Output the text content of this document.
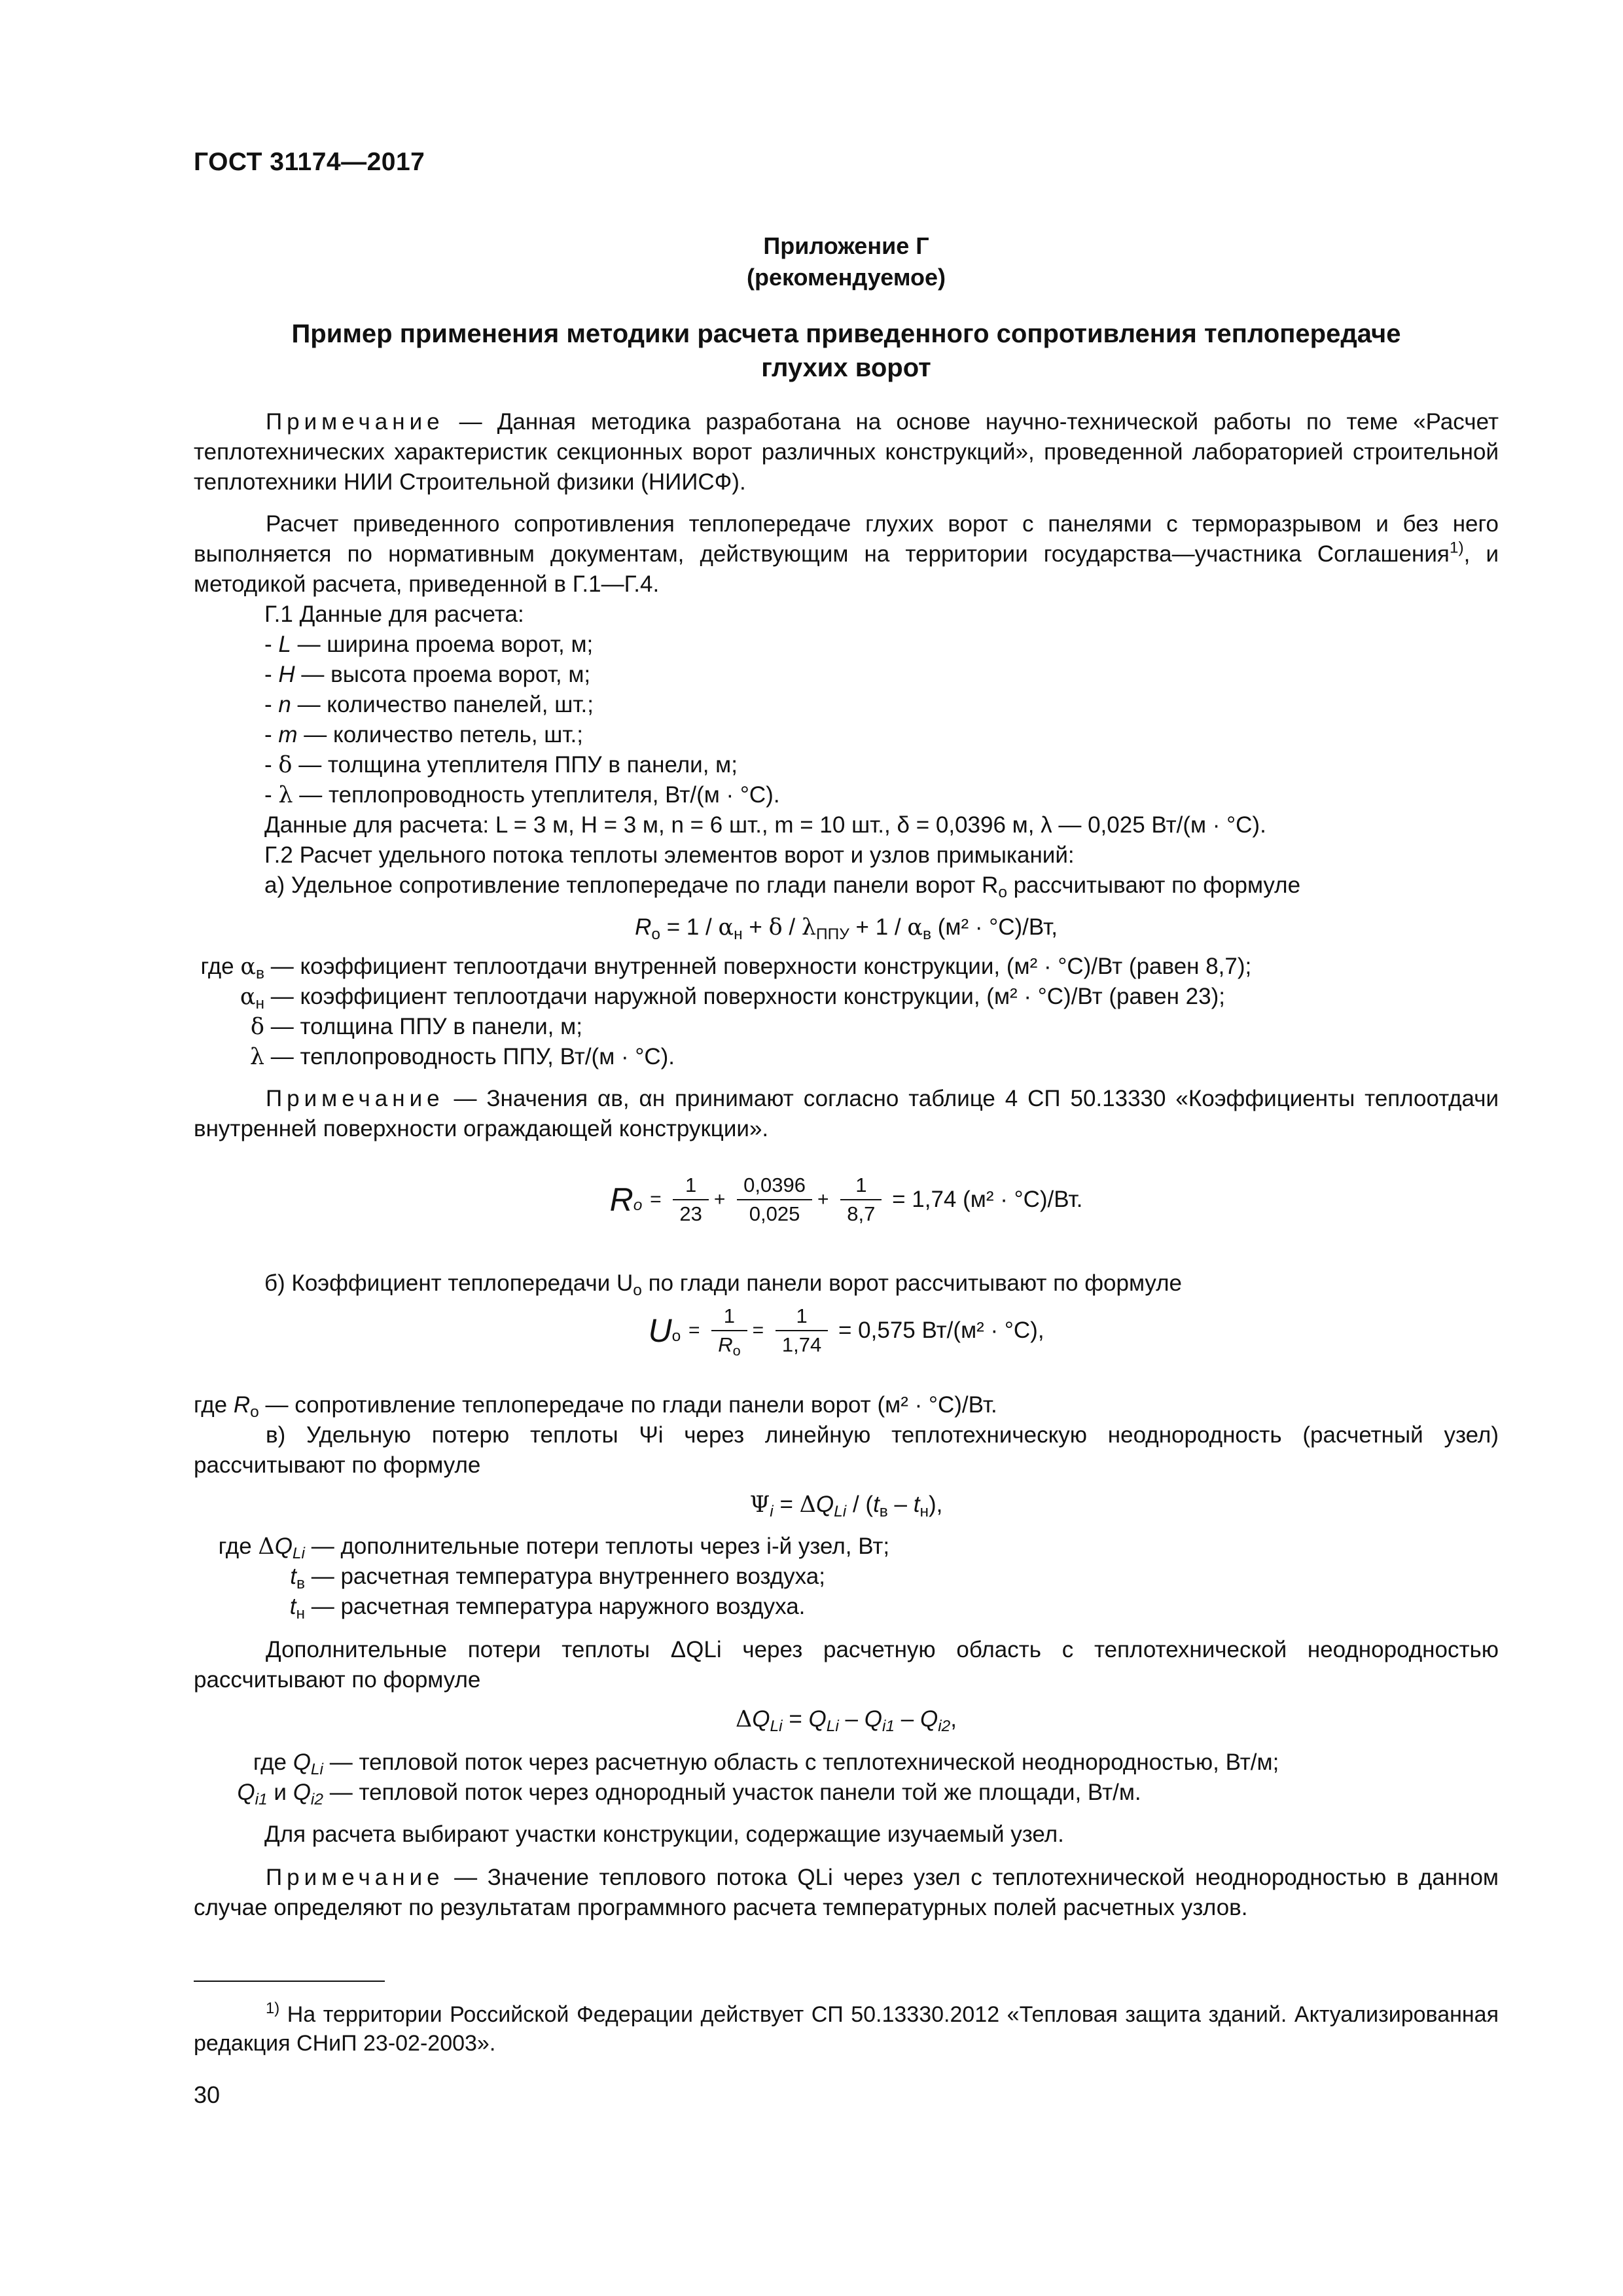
ГОСТ 31174—2017
Приложение Г
(рекомендуемое)
Пример применения методики расчета приведенного сопротивления теплопередаче
глухих ворот
Примечание — Данная методика разработана на основе научно-технической работы по теме «Расчет теплотехнических характеристик секционных ворот различных конструкций», проведенной лабораторией строительной теплотехники НИИ Строительной физики (НИИСФ).
Расчет приведенного сопротивления теплопередаче глухих ворот с панелями с терморазрывом и без него выполняется по нормативным документам, действующим на территории государства—участника Соглашения$^{1)}$, и методикой расчета, приведенной в Г.1—Г.4.
Г.1 Данные для расчета:
- L — ширина проема ворот, м;
- H — высота проема ворот, м;
- n — количество панелей, шт.;
- m — количество петель, шт.;
- δ — толщина утеплителя ППУ в панели, м;
- λ — теплопроводность утеплителя, Вт/(м · °С).
Данные для расчета: L = 3 м, H = 3 м, n = 6 шт., m = 10 шт., δ = 0,0396 м, λ — 0,025 Вт/(м · °С).
Г.2 Расчет удельного потока теплоты элементов ворот и узлов примыканий:
а) Удельное сопротивление теплопередаче по глади панели ворот $R_о$ рассчитывают по формуле
$R_о = 1 / \alpha_н + \delta / \lambda_{ППУ} + 1 / \alpha_в$ (м² · °С)/Вт,
где $\alpha_в$ — коэффициент теплоотдачи внутренней поверхности конструкции, (м² · °С)/Вт (равен 8,7);
$\alpha_н$ — коэффициент теплоотдачи наружной поверхности конструкции, (м² · °С)/Вт (равен 23);
δ — толщина ППУ в панели, м;
λ — теплопроводность ППУ, Вт/(м · °С).
Примечание — Значения αв, αн принимают согласно таблице 4 СП 50.13330 «Коэффициенты теплоотдачи внутренней поверхности ограждающей конструкции».
$R_о = \frac{1}{23} + \frac{0,0396}{0,025} + \frac{1}{8,7} = 1,74$ (м² · °С)/Вт.
б) Коэффициент теплопередачи $U_о$ по глади панели ворот рассчитывают по формуле
$U_о = \frac{1}{R_о} = \frac{1}{1,74} = 0,575$ Вт/(м² · °С),
где $R_о$ — сопротивление теплопередаче по глади панели ворот (м² · °С)/Вт.
в) Удельную потерю теплоты Ψi через линейную теплотехническую неоднородность (расчетный узел) рассчитывают по формуле
$\Psi_i = \Delta Q_{Li} / (t_в - t_н)$,
где $\Delta Q_{Li}$ — дополнительные потери теплоты через i-й узел, Вт;
$t_в$ — расчетная температура внутреннего воздуха;
$t_н$ — расчетная температура наружного воздуха.
Дополнительные потери теплоты ΔQLi через расчетную область с теплотехнической неоднородностью рассчитывают по формуле
$\Delta Q_{Li} = Q_{Li} - Q_{i1} - Q_{i2}$,
где $Q_{Li}$ — тепловой поток через расчетную область с теплотехнической неоднородностью, Вт/м;
$Q_{i1}$ и $Q_{i2}$ — тепловой поток через однородный участок панели той же площади, Вт/м.
Для расчета выбирают участки конструкции, содержащие изучаемый узел.
Примечание — Значение теплового потока QLi через узел с теплотехнической неоднородностью в данном случае определяют по результатам программного расчета температурных полей расчетных узлов.
$^{1)}$ На территории Российской Федерации действует СП 50.13330.2012 «Тепловая защита зданий. Актуализированная редакция СНиП 23-02-2003».
30
